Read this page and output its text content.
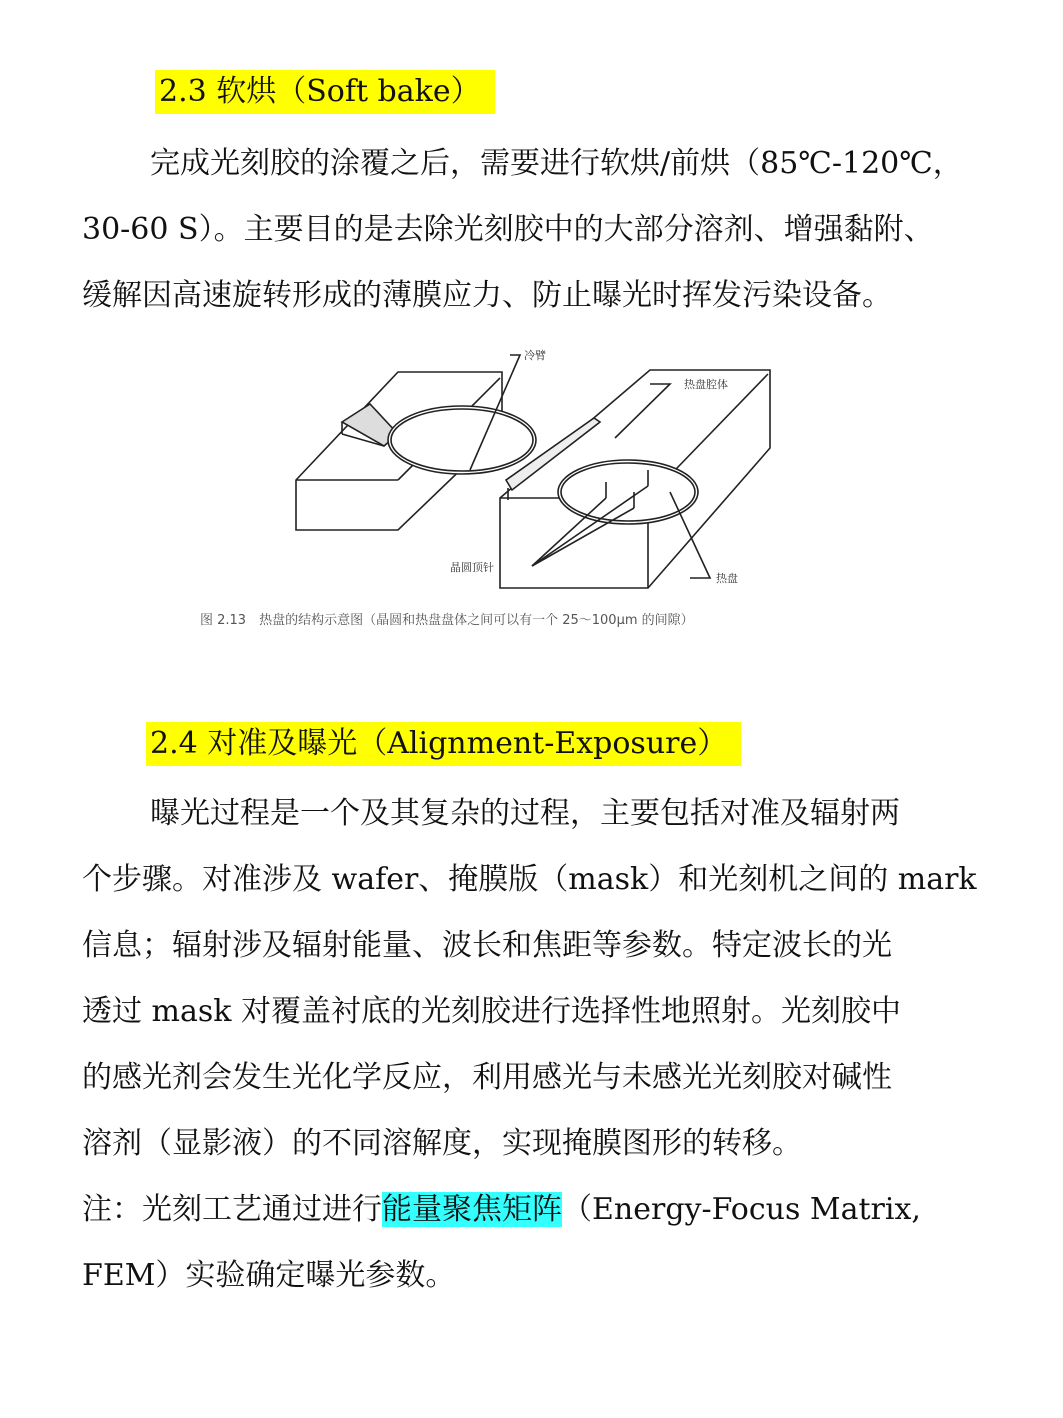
2.3 软烘（Soft bake）
完成光刻胶的涂覆之后，需要进行软烘/前烘（85℃-120℃，
30-60 S）。主要目的是去除光刻胶中的大部分溶剂、增强黏附、
缓解因高速旋转形成的薄膜应力、防止曝光时挥发污染设备。
冷臂
热盘腔体
晶圆顶针
热盘
图 2.13　热盘的结构示意图（晶圆和热盘盘体之间可以有一个 25～100μm 的间隙）
2.4 对准及曝光（Alignment-Exposure）
曝光过程是一个及其复杂的过程，主要包括对准及辐射两
个步骤。对准涉及 wafer、掩膜版（mask）和光刻机之间的 mark
信息；辐射涉及辐射能量、波长和焦距等参数。特定波长的光
透过 mask 对覆盖衬底的光刻胶进行选择性地照射。光刻胶中
的感光剂会发生光化学反应，利用感光与未感光光刻胶对碱性
溶剂（显影液）的不同溶解度，实现掩膜图形的转移。
注：光刻工艺通过进行能量聚焦矩阵（Energy-Focus Matrix,
FEM）实验确定曝光参数。
